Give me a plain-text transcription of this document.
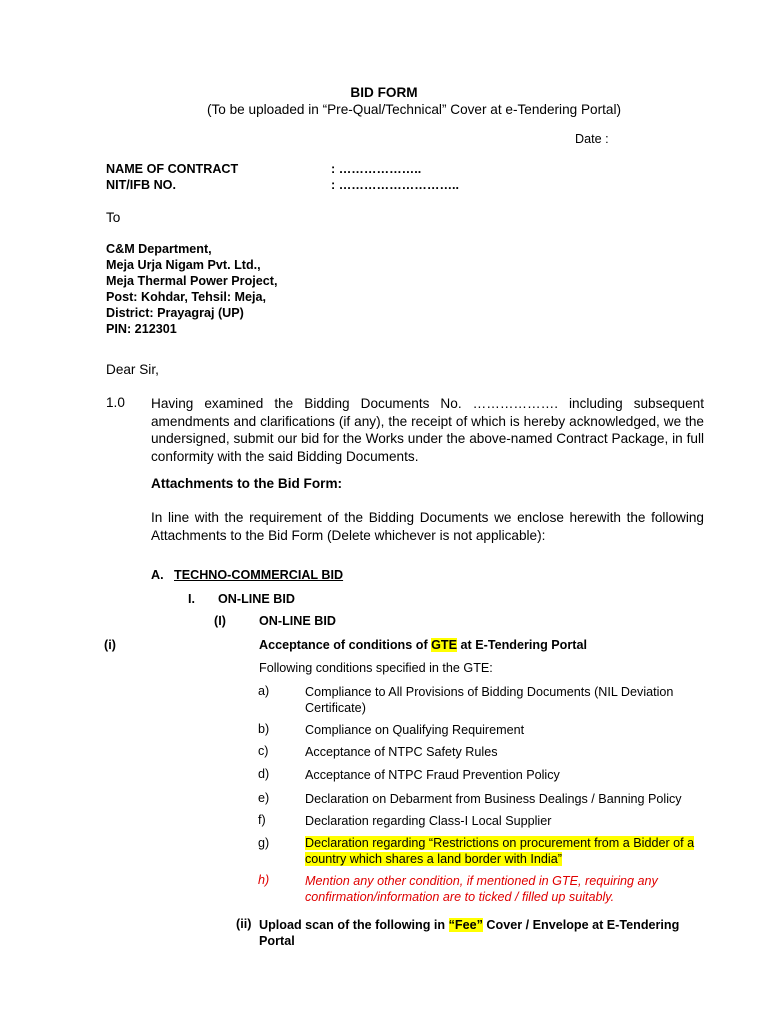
BID FORM
(To be uploaded in “Pre-Qual/Technical” Cover at e-Tendering Portal)
Date :
NAME OF CONTRACT	: ………………..
NIT/IFB NO.	: ………………………..
To
C&M Department,
Meja Urja Nigam Pvt. Ltd.,
Meja Thermal Power Project,
Post: Kohdar, Tehsil: Meja,
District: Prayagraj (UP)
PIN: 212301
Dear Sir,
1.0 Having examined the Bidding Documents No. ………………. including subsequent amendments and clarifications (if any), the receipt of which is hereby acknowledged, we the undersigned, submit our bid for the Works under the above-named Contract Package, in full conformity with the said Bidding Documents.
Attachments to the Bid Form:
In line with the requirement of the Bidding Documents we enclose herewith the following Attachments to the Bid Form (Delete whichever is not applicable):
A. TECHNO-COMMERCIAL BID
I. ON-LINE BID
(I)	ON-LINE BID
(i)	Acceptance of conditions of GTE at E-Tendering Portal
Following conditions specified in the GTE:
a)	Compliance to All Provisions of Bidding Documents (NIL Deviation
Certificate)
b)	Compliance on Qualifying Requirement
c)	Acceptance of NTPC Safety Rules
d)	Acceptance of NTPC Fraud Prevention Policy
e)	Declaration on Debarment from Business Dealings / Banning Policy
f)	Declaration regarding Class-I Local Supplier
g)	Declaration regarding “Restrictions on procurement from a Bidder of a
country which shares a land border with India”
h)	Mention any other condition, if mentioned in GTE, requiring any
confirmation/information are to ticked / filled up suitably.
(ii) Upload scan of the following in “Fee” Cover / Envelope at E-Tendering
Portal
